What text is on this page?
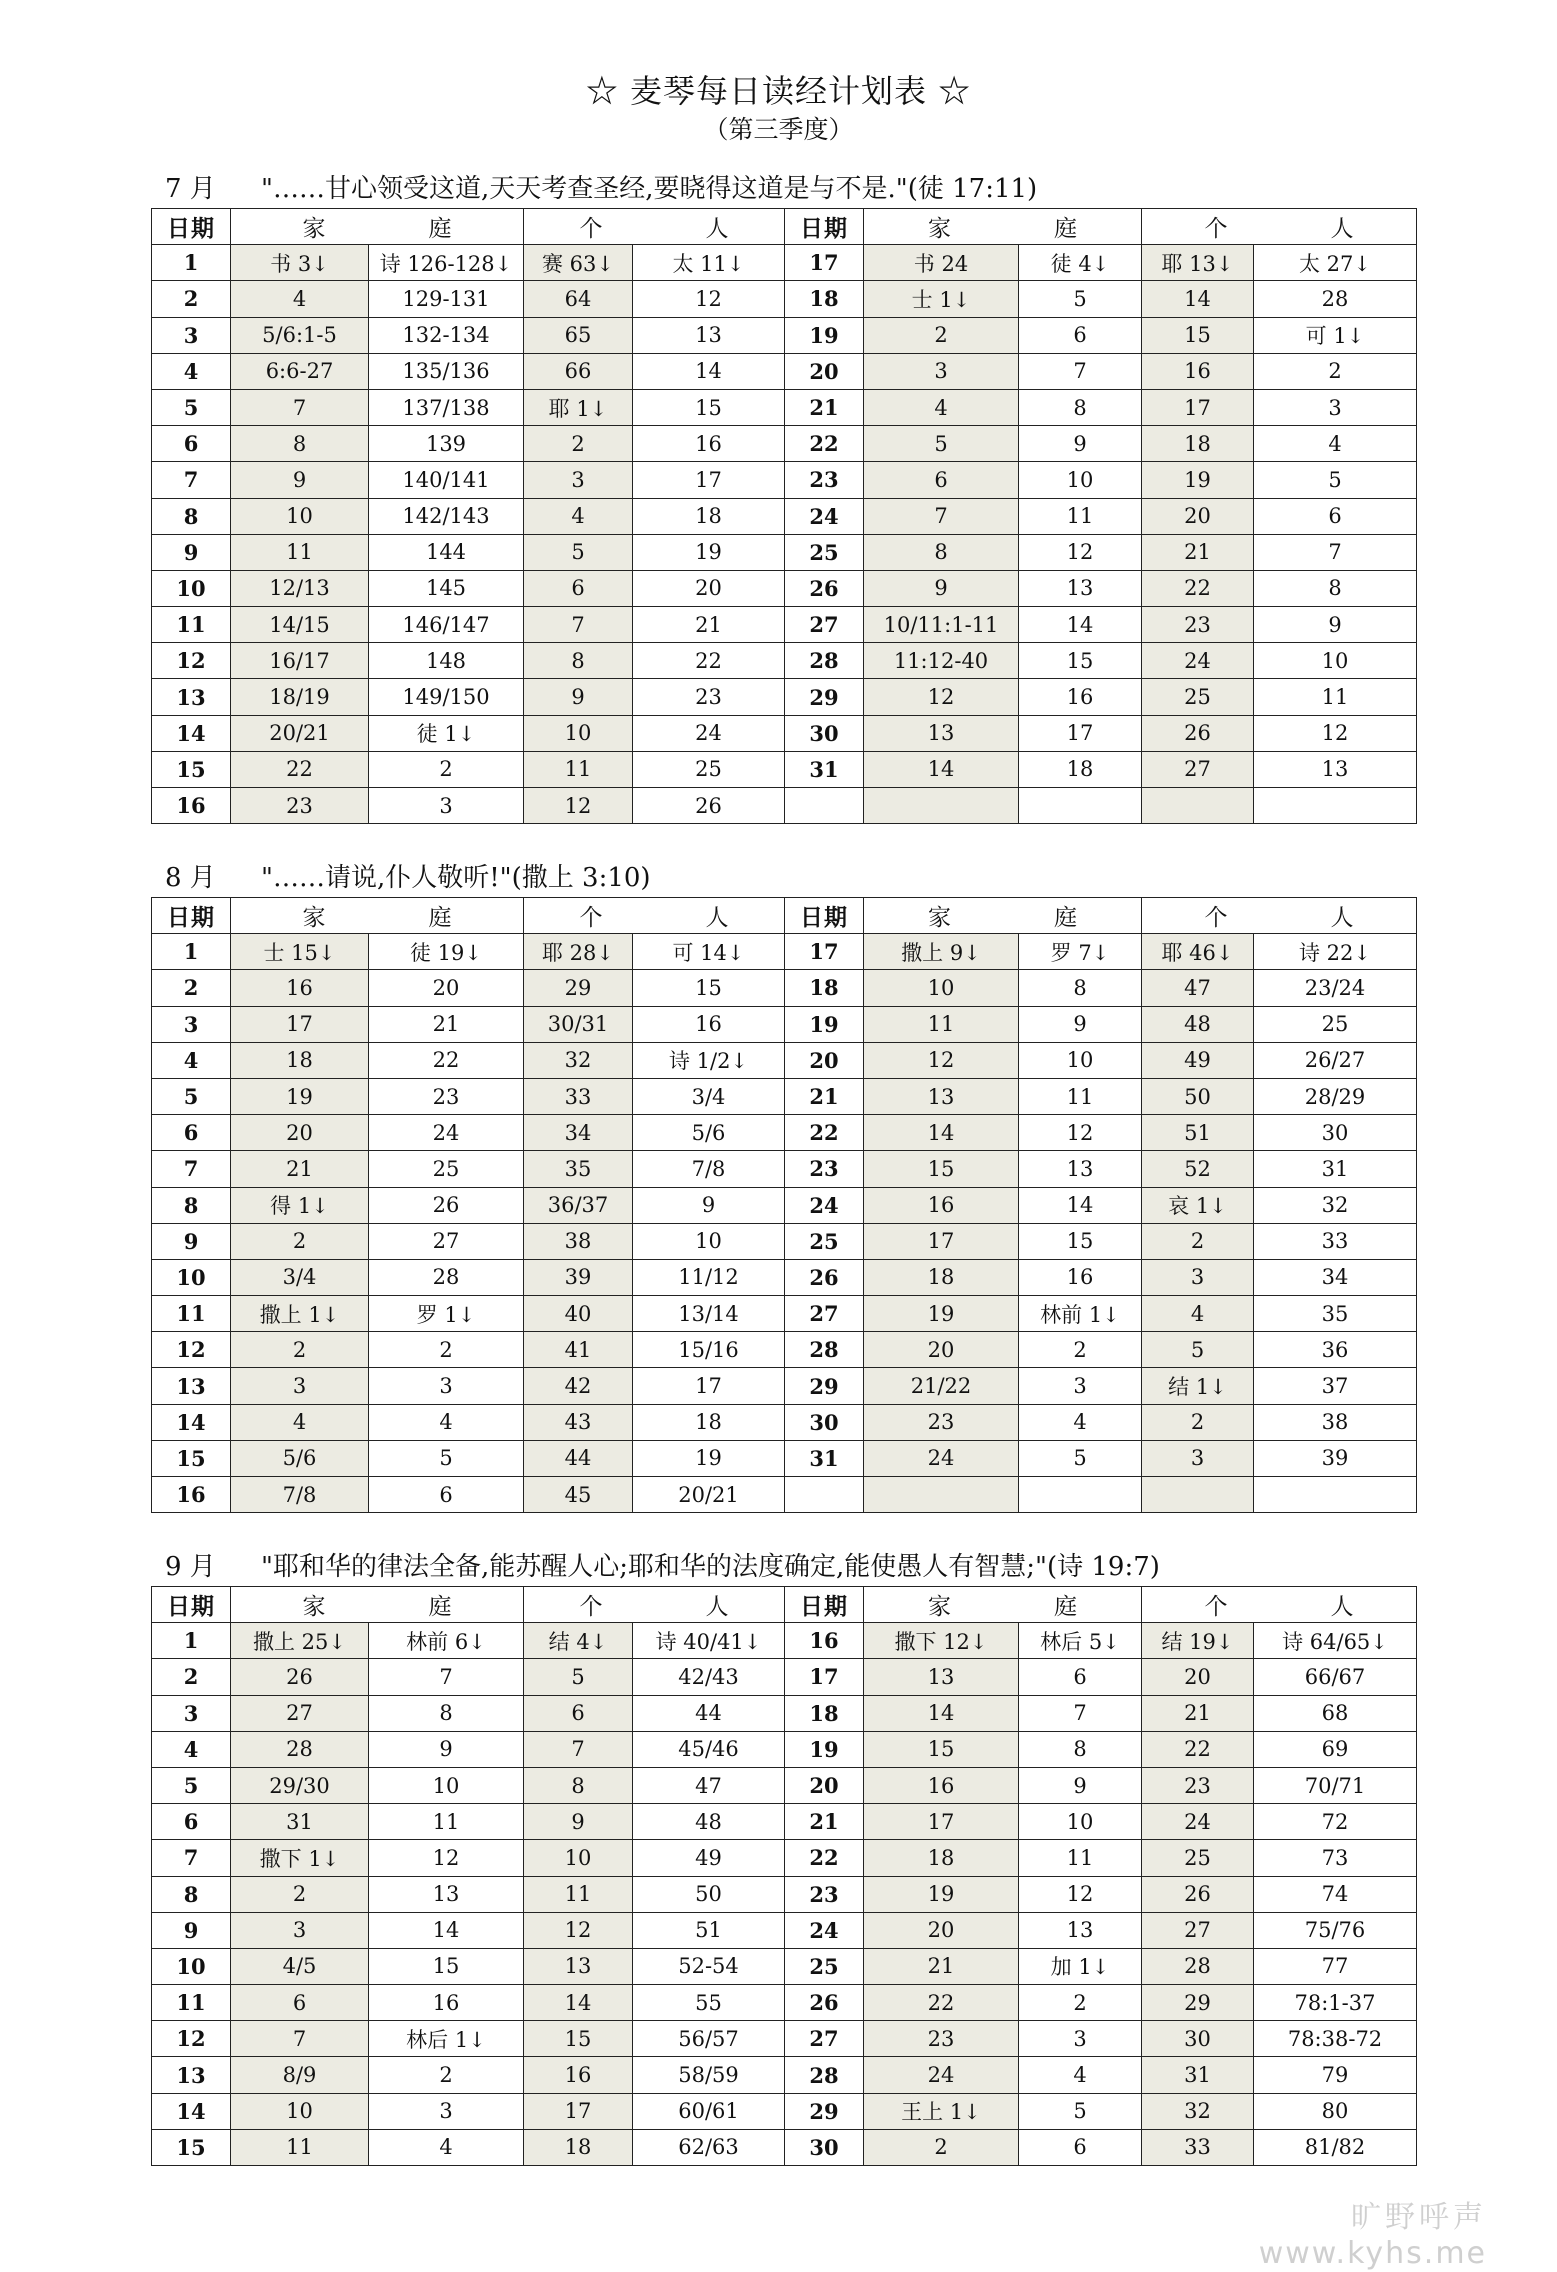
☆ 麦琴每日读经计划表 ☆
（第三季度）
7 月 "……甘心领受这道,天天考查圣经,要晓得这道是与不是."(徒 17:11)
日期	家　庭		个　人		日期	家　庭		个　人	
1	书 3↓	诗 126-128↓	赛 63↓	太 11↓	17	书 24	徒 4↓	耶 13↓	太 27↓
2	4	129-131	64	12	18	士 1↓	5	14	28
3	5/6:1-5	132-134	65	13	19	2	6	15	可 1↓
4	6:6-27	135/136	66	14	20	3	7	16	2
5	7	137/138	耶 1↓	15	21	4	8	17	3
6	8	139	2	16	22	5	9	18	4
7	9	140/141	3	17	23	6	10	19	5
8	10	142/143	4	18	24	7	11	20	6
9	11	144	5	19	25	8	12	21	7
10	12/13	145	6	20	26	9	13	22	8
11	14/15	146/147	7	21	27	10/11:1-11	14	23	9
12	16/17	148	8	22	28	11:12-40	15	24	10
13	18/19	149/150	9	23	29	12	16	25	11
14	20/21	徒 1↓	10	24	30	13	17	26	12
15	22	2	11	25	31	14	18	27	13
16	23	3	12	26					
8 月 "……请说,仆人敬听!"(撒上 3:10)
日期	家　庭		个　人		日期	家　庭		个　人	
1	士 15↓	徒 19↓	耶 28↓	可 14↓	17	撒上 9↓	罗 7↓	耶 46↓	诗 22↓
2	16	20	29	15	18	10	8	47	23/24
3	17	21	30/31	16	19	11	9	48	25
4	18	22	32	诗 1/2↓	20	12	10	49	26/27
5	19	23	33	3/4	21	13	11	50	28/29
6	20	24	34	5/6	22	14	12	51	30
7	21	25	35	7/8	23	15	13	52	31
8	得 1↓	26	36/37	9	24	16	14	哀 1↓	32
9	2	27	38	10	25	17	15	2	33
10	3/4	28	39	11/12	26	18	16	3	34
11	撒上 1↓	罗 1↓	40	13/14	27	19	林前 1↓	4	35
12	2	2	41	15/16	28	20	2	5	36
13	3	3	42	17	29	21/22	3	结 1↓	37
14	4	4	43	18	30	23	4	2	38
15	5/6	5	44	19	31	24	5	3	39
16	7/8	6	45	20/21					
9 月 "耶和华的律法全备,能苏醒人心;耶和华的法度确定,能使愚人有智慧;"(诗 19:7)
日期	家　庭		个　人		日期	家　庭		个　人	
1	撒上 25↓	林前 6↓	结 4↓	诗 40/41↓	16	撒下 12↓	林后 5↓	结 19↓	诗 64/65↓
2	26	7	5	42/43	17	13	6	20	66/67
3	27	8	6	44	18	14	7	21	68
4	28	9	7	45/46	19	15	8	22	69
5	29/30	10	8	47	20	16	9	23	70/71
6	31	11	9	48	21	17	10	24	72
7	撒下 1↓	12	10	49	22	18	11	25	73
8	2	13	11	50	23	19	12	26	74
9	3	14	12	51	24	20	13	27	75/76
10	4/5	15	13	52-54	25	21	加 1↓	28	77
11	6	16	14	55	26	22	2	29	78:1-37
12	7	林后 1↓	15	56/57	27	23	3	30	78:38-72
13	8/9	2	16	58/59	28	24	4	31	79
14	10	3	17	60/61	29	王上 1↓	5	32	80
15	11	4	18	62/63	30	2	6	33	81/82
旷野呼声
www.kyhs.me
